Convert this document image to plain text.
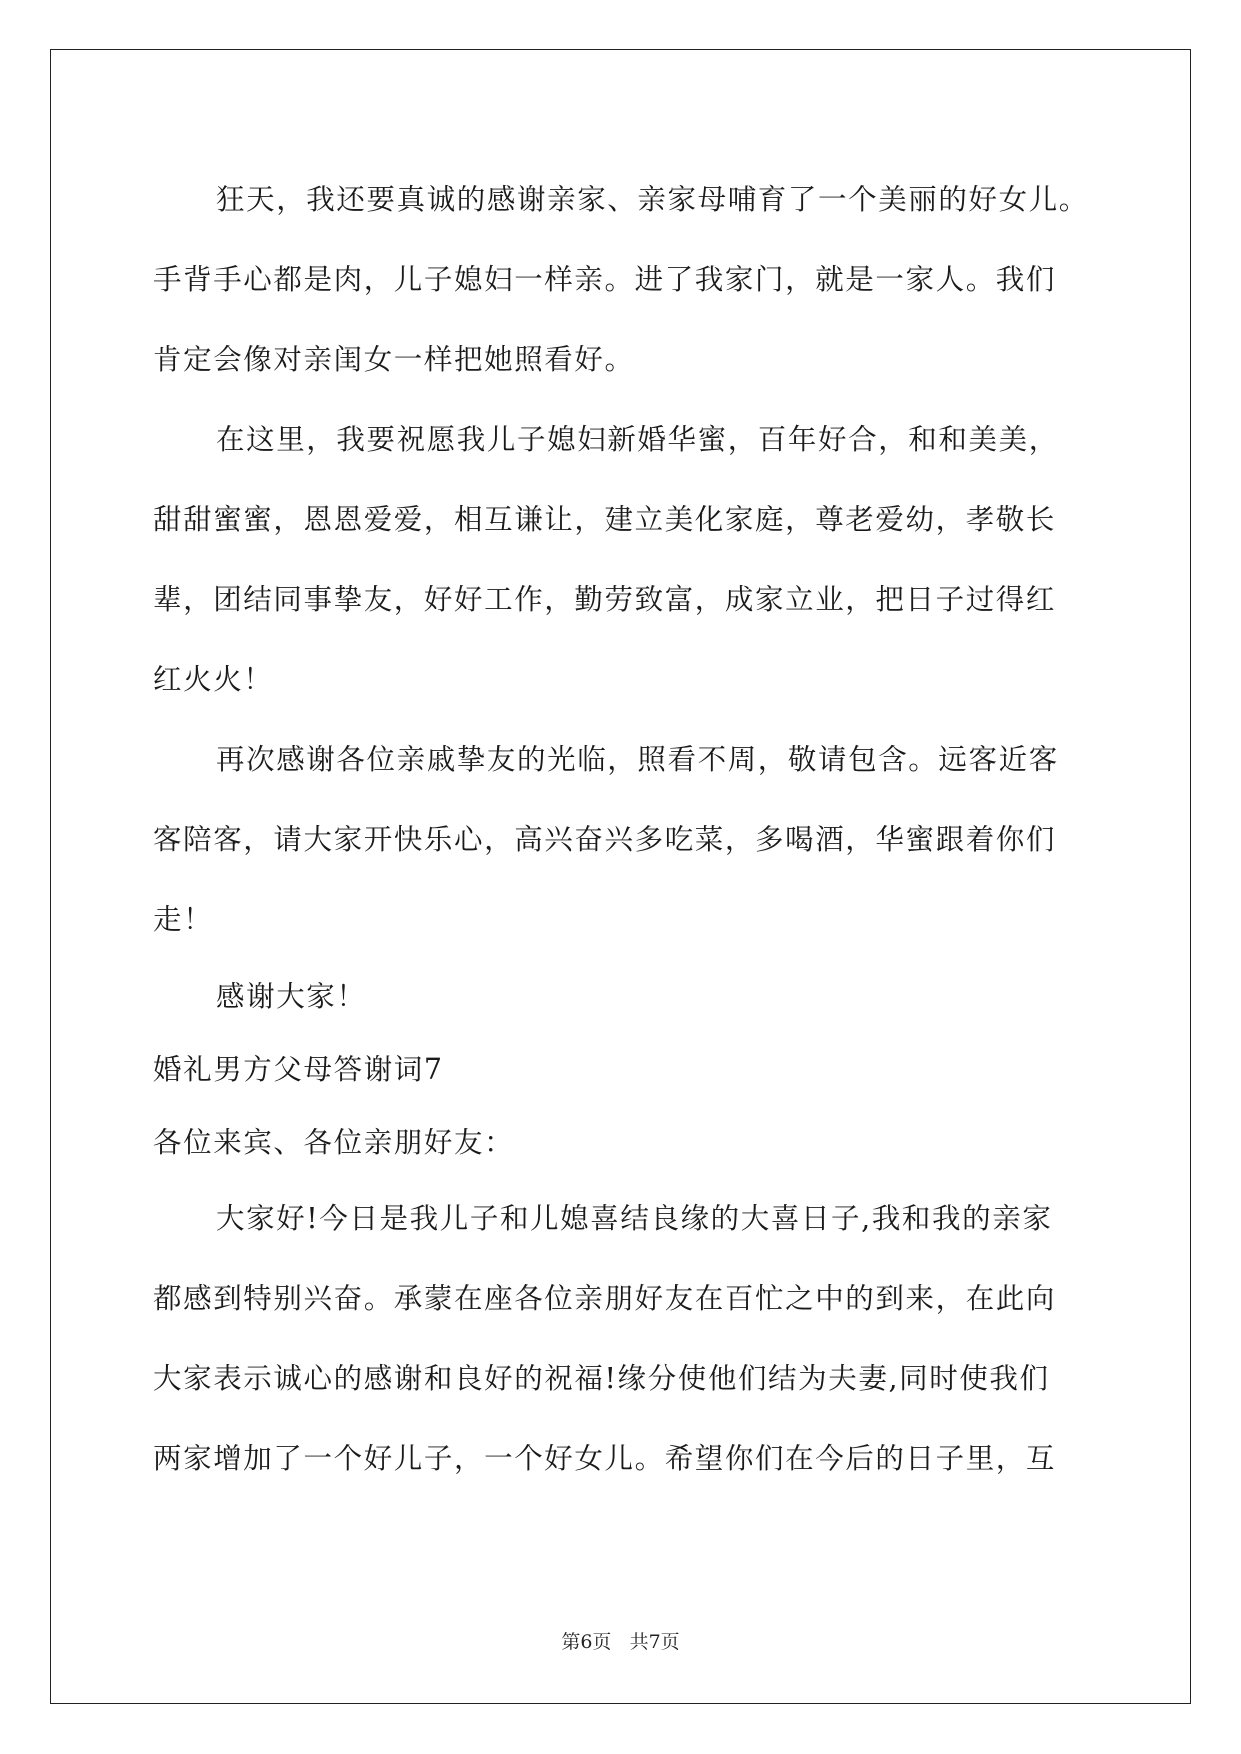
狂天，我还要真诚的感谢亲家、亲家母哺育了一个美丽的好女儿。
手背手心都是肉，儿子媳妇一样亲。进了我家门，就是一家人。我们
肯定会像对亲闺女一样把她照看好。
在这里，我要祝愿我儿子媳妇新婚华蜜，百年好合，和和美美，
甜甜蜜蜜，恩恩爱爱，相互谦让，建立美化家庭，尊老爱幼，孝敬长
辈，团结同事挚友，好好工作，勤劳致富，成家立业，把日子过得红
红火火！
再次感谢各位亲戚挚友的光临，照看不周，敬请包含。远客近客
客陪客，请大家开快乐心，高兴奋兴多吃菜，多喝酒，华蜜跟着你们
走！
感谢大家！
婚礼男方父母答谢词7
各位来宾、各位亲朋好友：
大家好!今日是我儿子和儿媳喜结良缘的大喜日子,我和我的亲家
都感到特别兴奋。承蒙在座各位亲朋好友在百忙之中的到来，在此向
大家表示诚心的感谢和良好的祝福!缘分使他们结为夫妻,同时使我们
两家增加了一个好儿子，一个好女儿。希望你们在今后的日子里，互
第6页 共7页
